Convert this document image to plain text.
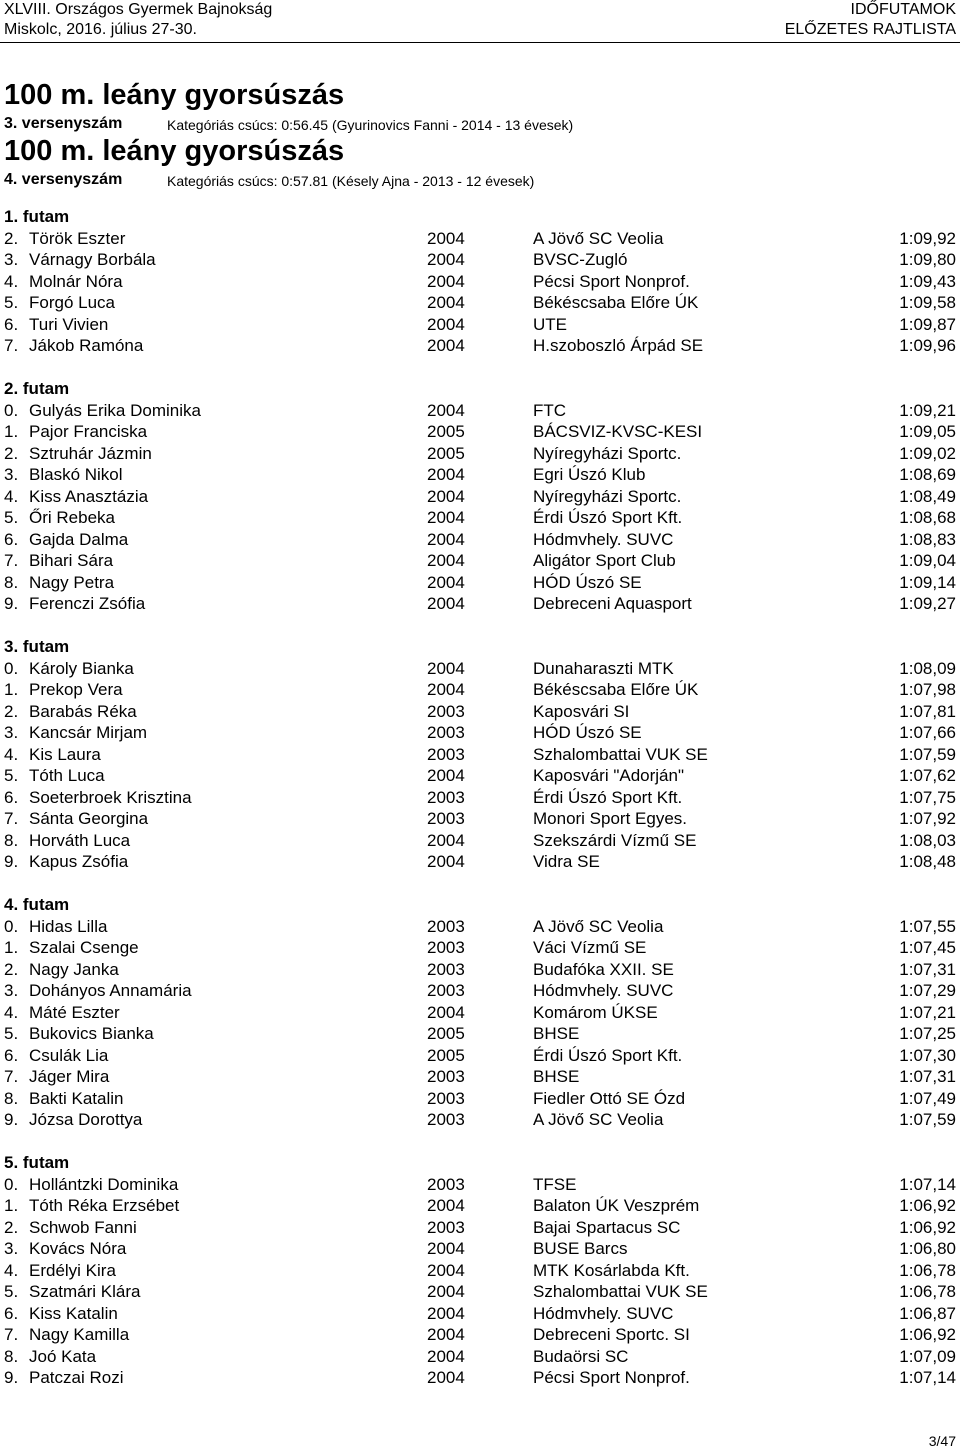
XLVIII. Országos Gyermek Bajnokság
Miskolc, 2016. július 27-30.
IDŐFUTAMOK
ELŐZETES RAJTLISTA
100 m. leány gyorsúszás
3. versenyszám	Kategóriás csúcs: 0:56.45 (Gyurinovics Fanni - 2014 - 13 évesek)
100 m. leány gyorsúszás
4. versenyszám	Kategóriás csúcs: 0:57.81 (Késely Ajna - 2013 - 12 évesek)
1. futam
2. Török Eszter	2004	A Jövő SC Veolia	1:09,92
3. Várnagy Borbála	2004	BVSC-Zugló	1:09,80
4. Molnár Nóra	2004	Pécsi Sport Nonprof.	1:09,43
5. Forgó Luca	2004	Békéscsaba Előre ÚK	1:09,58
6. Turi Vivien	2004	UTE	1:09,87
7. Jákob Ramóna	2004	H.szoboszló Árpád SE	1:09,96
2. futam
0. Gulyás Erika Dominika	2004	FTC	1:09,21
1. Pajor Franciska	2005	BÁCSVIZ-KVSC-KESI	1:09,05
2. Sztruhár Jázmin	2005	Nyíregyházi Sportc.	1:09,02
3. Blaskó Nikol	2004	Egri Úszó Klub	1:08,69
4. Kiss Anasztázia	2004	Nyíregyházi Sportc.	1:08,49
5. Őri Rebeka	2004	Érdi Úszó Sport Kft.	1:08,68
6. Gajda Dalma	2004	Hódmvhely. SUVC	1:08,83
7. Bihari Sára	2004	Aligátor Sport Club	1:09,04
8. Nagy Petra	2004	HÓD Úszó SE	1:09,14
9. Ferenczi Zsófia	2004	Debreceni Aquasport	1:09,27
3. futam
0. Károly Bianka	2004	Dunaharaszti MTK	1:08,09
1. Prekop Vera	2004	Békéscsaba Előre ÚK	1:07,98
2. Barabás Réka	2003	Kaposvári SI	1:07,81
3. Kancsár Mirjam	2003	HÓD Úszó SE	1:07,66
4. Kis Laura	2003	Szhalombattai VUK SE	1:07,59
5. Tóth Luca	2004	Kaposvári "Adorján"	1:07,62
6. Soeterbroek Krisztina	2003	Érdi Úszó Sport Kft.	1:07,75
7. Sánta Georgina	2003	Monori Sport Egyes.	1:07,92
8. Horváth Luca	2004	Szekszárdi Vízmű SE	1:08,03
9. Kapus Zsófia	2004	Vidra SE	1:08,48
4. futam
0. Hidas Lilla	2003	A Jövő SC Veolia	1:07,55
1. Szalai Csenge	2003	Váci Vízmű SE	1:07,45
2. Nagy Janka	2003	Budafóka XXII. SE	1:07,31
3. Dohányos Annamária	2003	Hódmvhely. SUVC	1:07,29
4. Máté Eszter	2004	Komárom ÚKSE	1:07,21
5. Bukovics Bianka	2005	BHSE	1:07,25
6. Csulák Lia	2005	Érdi Úszó Sport Kft.	1:07,30
7. Jáger Mira	2003	BHSE	1:07,31
8. Bakti Katalin	2003	Fiedler Ottó SE Ózd	1:07,49
9. Józsa Dorottya	2003	A Jövő SC Veolia	1:07,59
5. futam
0. Hollántzki Dominika	2003	TFSE	1:07,14
1. Tóth Réka Erzsébet	2004	Balaton ÚK Veszprém	1:06,92
2. Schwob Fanni	2003	Bajai Spartacus SC	1:06,92
3. Kovács Nóra	2004	BUSE Barcs	1:06,80
4. Erdélyi Kira	2004	MTK Kosárlabda Kft.	1:06,78
5. Szatmári Klára	2004	Szhalombattai VUK SE	1:06,78
6. Kiss Katalin	2004	Hódmvhely. SUVC	1:06,87
7. Nagy Kamilla	2004	Debreceni Sportc. SI	1:06,92
8. Joó Kata	2004	Budaörsi SC	1:07,09
9. Patczai Rozi	2004	Pécsi Sport Nonprof.	1:07,14
3/47
